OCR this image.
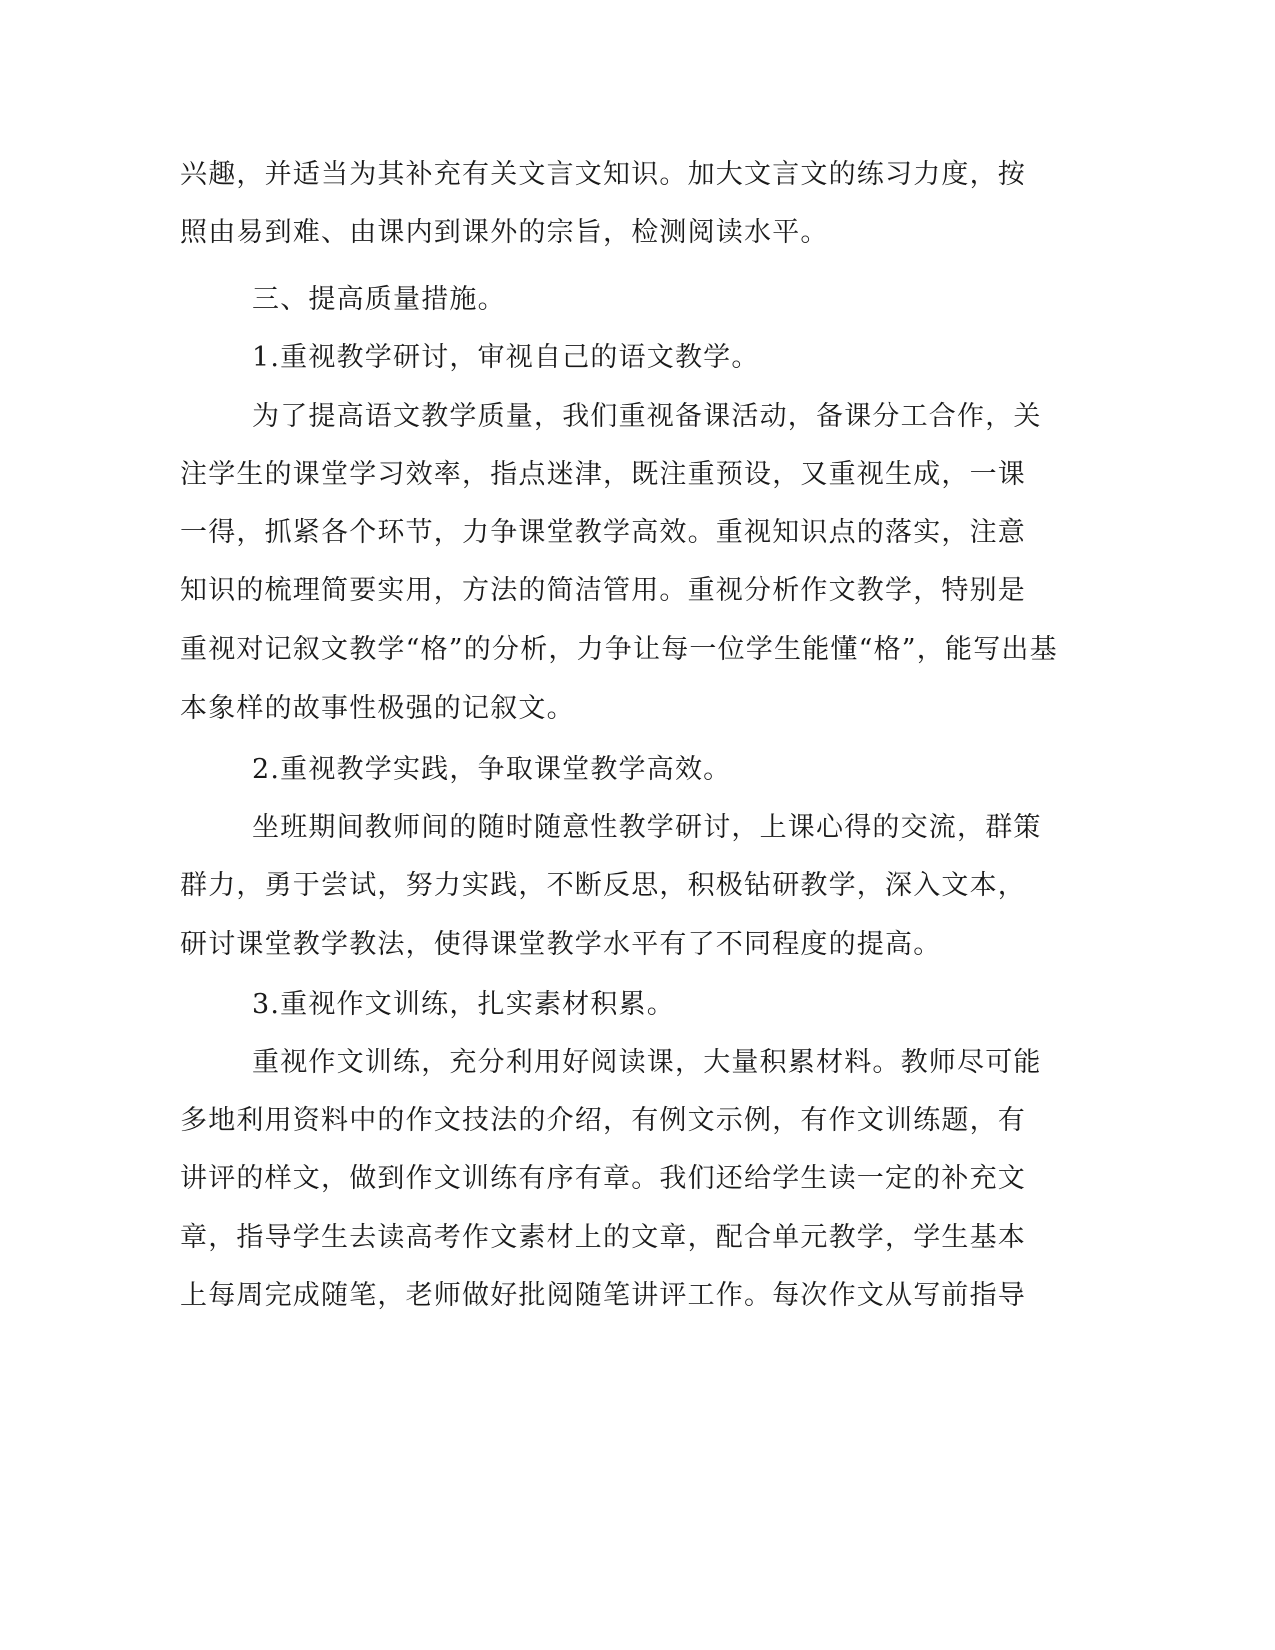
兴趣，并适当为其补充有关文言文知识。加大文言文的练习力度，按
照由易到难、由课内到课外的宗旨，检测阅读水平。
三、提高质量措施。
1.重视教学研讨，审视自己的语文教学。
为了提高语文教学质量，我们重视备课活动，备课分工合作，关
注学生的课堂学习效率，指点迷津，既注重预设，又重视生成，一课
一得，抓紧各个环节，力争课堂教学高效。重视知识点的落实，注意
知识的梳理简要实用，方法的简洁管用。重视分析作文教学，特别是
重视对记叙文教学“格”的分析，力争让每一位学生能懂“格”，能写出基
本象样的故事性极强的记叙文。
2.重视教学实践，争取课堂教学高效。
坐班期间教师间的随时随意性教学研讨，上课心得的交流，群策
群力，勇于尝试，努力实践，不断反思，积极钻研教学，深入文本，
研讨课堂教学教法，使得课堂教学水平有了不同程度的提高。
3.重视作文训练，扎实素材积累。
重视作文训练，充分利用好阅读课，大量积累材料。教师尽可能
多地利用资料中的作文技法的介绍，有例文示例，有作文训练题，有
讲评的样文，做到作文训练有序有章。我们还给学生读一定的补充文
章，指导学生去读高考作文素材上的文章，配合单元教学，学生基本
上每周完成随笔，老师做好批阅随笔讲评工作。每次作文从写前指导
